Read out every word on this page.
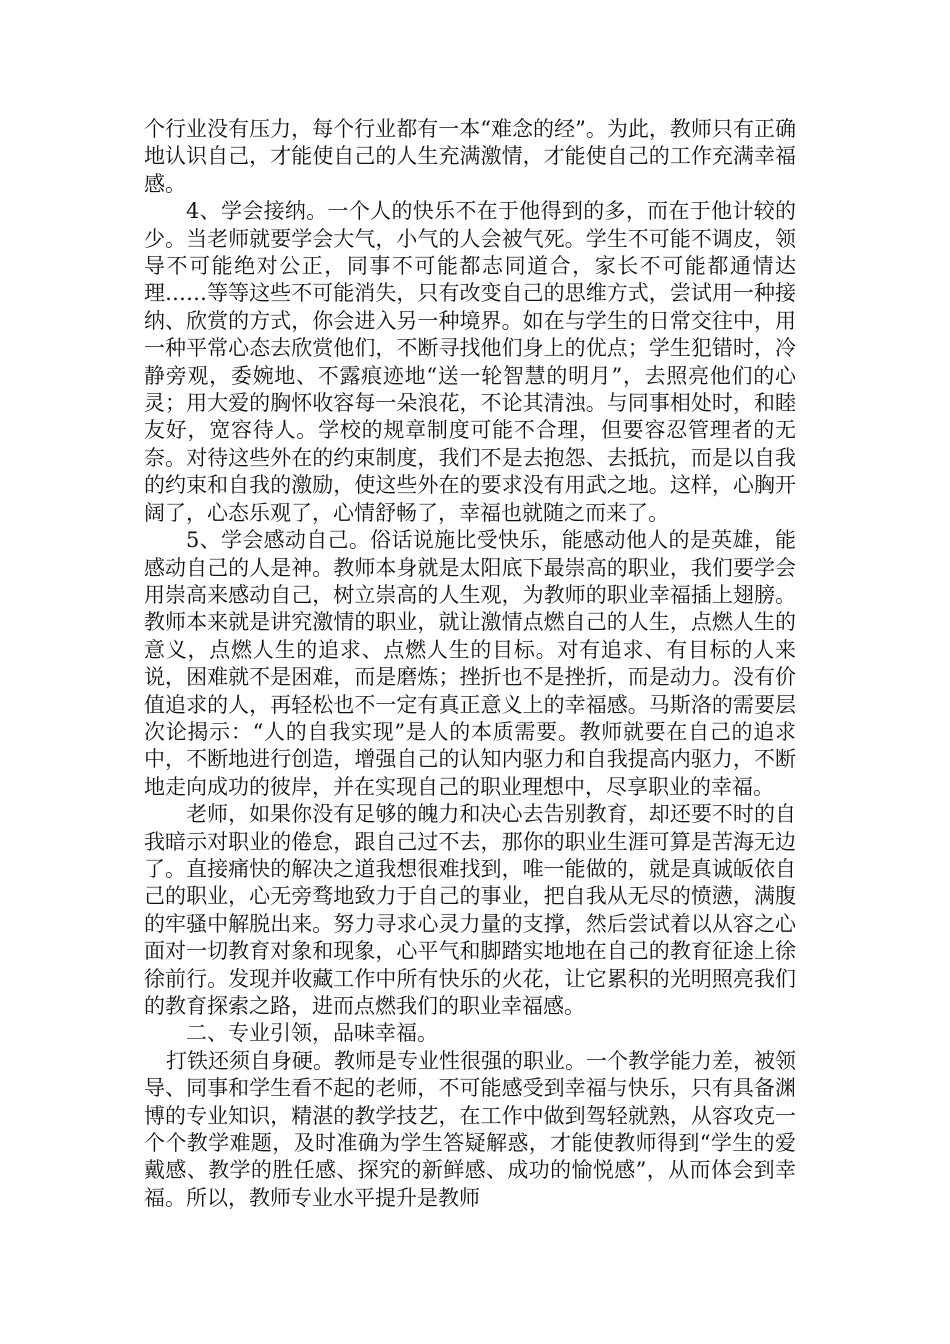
个行业没有压力，每个行业都有一本“难念的经”。为此，教师只有正确地认识自己，才能使自己的人生充满激情，才能使自己的工作充满幸福感。

4、学会接纳。一个人的快乐不在于他得到的多，而在于他计较的少。当老师就要学会大气，小气的人会被气死。学生不可能不调皮，领导不可能绝对公正，同事不可能都志同道合，家长不可能都通情达理……等等这些不可能消失，只有改变自己的思维方式，尝试用一种接纳、欣赏的方式，你会进入另一种境界。如在与学生的日常交往中，用一种平常心态去欣赏他们，不断寻找他们身上的优点；学生犯错时，冷静旁观，委婉地、不露痕迹地“送一轮智慧的明月”，去照亮他们的心灵；用大爱的胸怀收容每一朵浪花，不论其清浊。与同事相处时，和睦友好，宽容待人。学校的规章制度可能不合理，但要容忍管理者的无奈。对待这些外在的约束制度，我们不是去抱怨、去抵抗，而是以自我的约束和自我的激励，使这些外在的要求没有用武之地。这样，心胸开阔了，心态乐观了，心情舒畅了，幸福也就随之而来了。

5、学会感动自己。俗话说施比受快乐，能感动他人的是英雄，能感动自己的人是神。教师本身就是太阳底下最崇高的职业，我们要学会用崇高来感动自己，树立崇高的人生观，为教师的职业幸福插上翅膀。教师本来就是讲究激情的职业，就让激情点燃自己的人生，点燃人生的意义，点燃人生的追求、点燃人生的目标。对有追求、有目标的人来说，困难就不是困难，而是磨炼；挫折也不是挫折，而是动力。没有价值追求的人，再轻松也不一定有真正意义上的幸福感。马斯洛的需要层次论揭示：“人的自我实现”是人的本质需要。教师就要在自己的追求中，不断地进行创造，增强自己的认知内驱力和自我提高内驱力，不断地走向成功的彼岸，并在实现自己的职业理想中，尽享职业的幸福。

老师，如果你没有足够的魄力和决心去告别教育，却还要不时的自我暗示对职业的倦怠，跟自己过不去，那你的职业生涯可算是苦海无边了。直接痛快的解决之道我想很难找到，唯一能做的，就是真诚皈依自己的职业，心无旁骛地致力于自己的事业，把自我从无尽的愤懑，满腹的牢骚中解脱出来。努力寻求心灵力量的支撑，然后尝试着以从容之心面对一切教育对象和现象，心平气和脚踏实地地在自己的教育征途上徐徐前行。发现并收藏工作中所有快乐的火花，让它累积的光明照亮我们的教育探索之路，进而点燃我们的职业幸福感。

二、专业引领，品味幸福。

打铁还须自身硬。教师是专业性很强的职业。一个教学能力差，被领导、同事和学生看不起的老师，不可能感受到幸福与快乐，只有具备渊博的专业知识，精湛的教学技艺，在工作中做到驾轻就熟，从容攻克一个个教学难题，及时准确为学生答疑解惑，才能使教师得到“学生的爱戴感、教学的胜任感、探究的新鲜感、成功的愉悦感”，从而体会到幸福。所以，教师专业水平提升是教师
